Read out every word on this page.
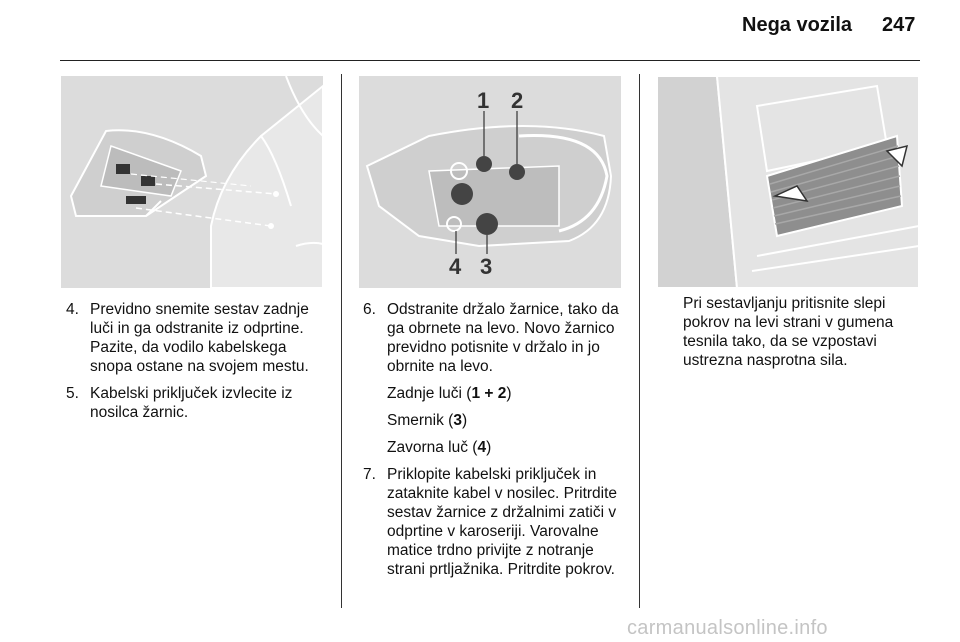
Nega vozila 247
1 2
4 3
4. Previdno snemite sestav zadnje luči in ga odstranite iz odprtine. Pazite, da vodilo kabelskega snopa ostane na svojem mestu.
5. Kabelski priključek izvlecite iz nosilca žarnic.
6. Odstranite držalo žarnice, tako da ga obrnete na levo. Novo žarnico previdno potisnite v držalo in jo obrnite na levo.
Zadnje luči (1 + 2)
Smernik (3)
Zavorna luč (4)
7. Priklopite kabelski priključek in zataknite kabel v nosilec. Pritrdite sestav žarnice z držalnimi zatiči v odprtine v karoseriji. Varovalne matice trdno privijte z notranje strani prtljažnika. Pritrdite pokrov.
Pri sestavljanju pritisnite slepi pokrov na levi strani v gumena tesnila tako, da se vzpostavi ustrezna nasprotna sila.
carmanualsonline.info
